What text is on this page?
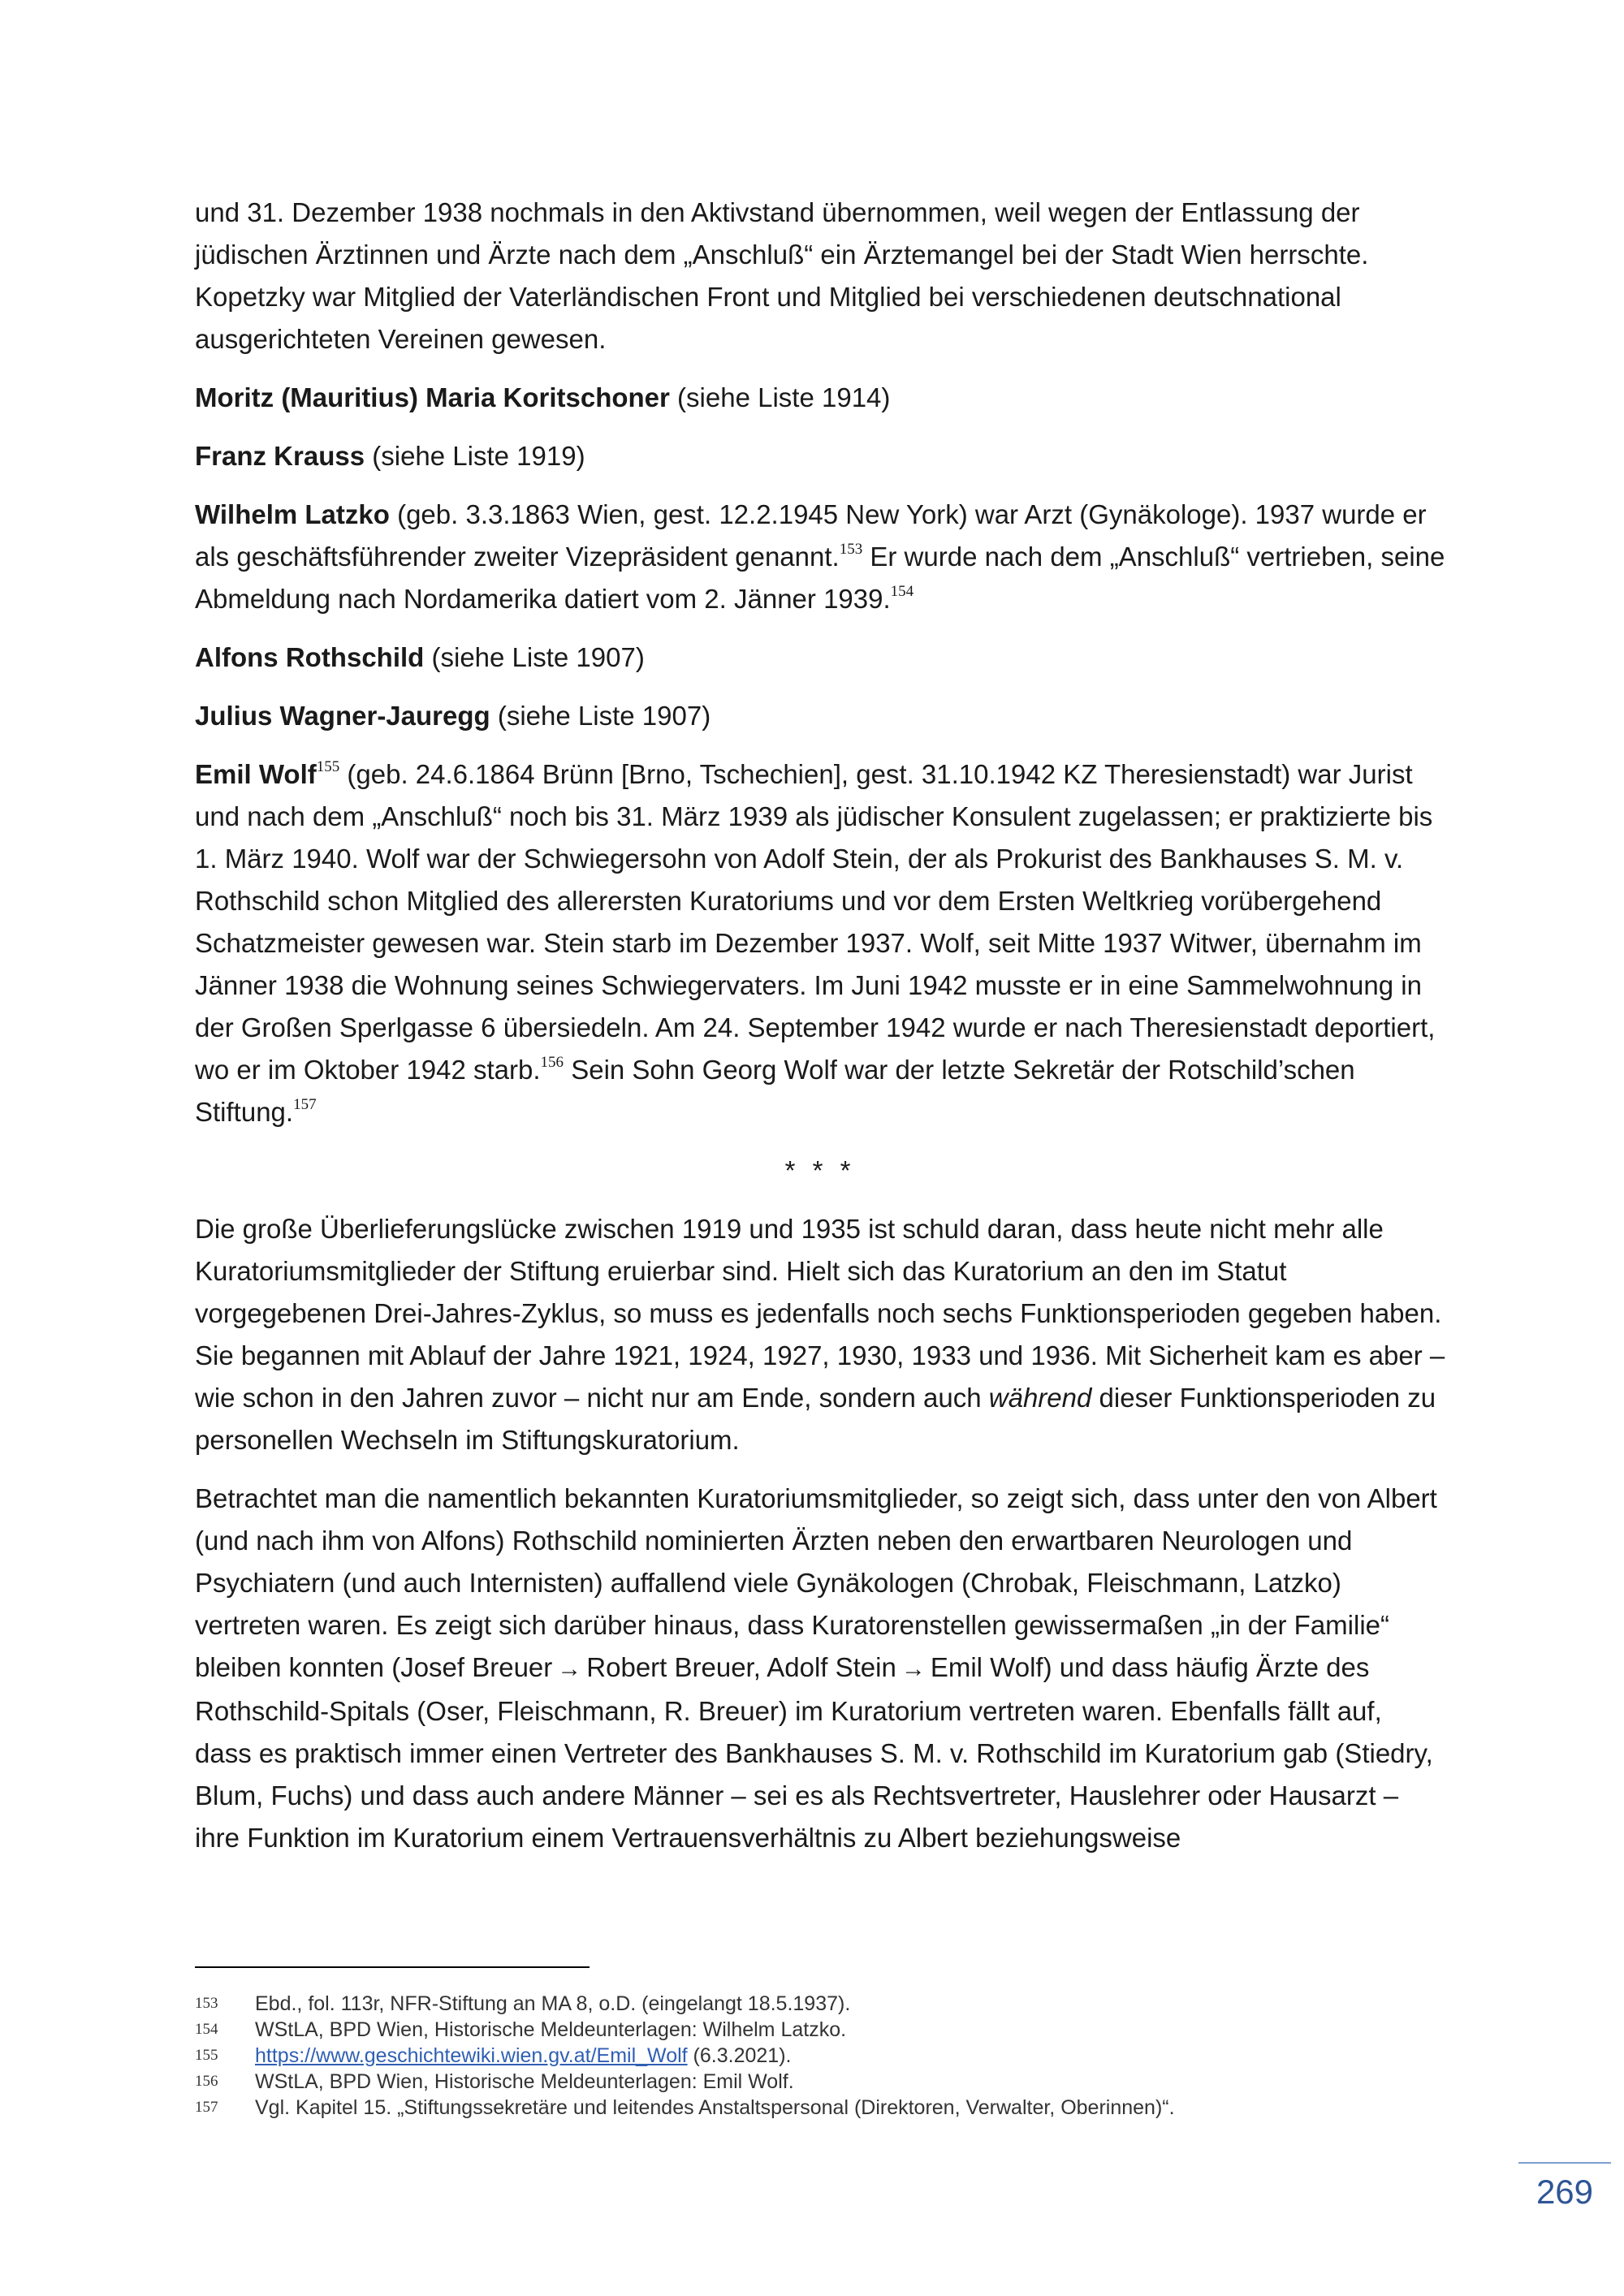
und 31. Dezember 1938 nochmals in den Aktivstand übernommen, weil wegen der Entlassung der jüdischen Ärztinnen und Ärzte nach dem „Anschluß“ ein Ärztemangel bei der Stadt Wien herrschte. Kopetzky war Mitglied der Vaterländischen Front und Mitglied bei verschiedenen deutschnational ausgerichteten Vereinen gewesen.

Moritz (Mauritius) Maria Koritschoner (siehe Liste 1914)

Franz Krauss (siehe Liste 1919)

Wilhelm Latzko (geb. 3.3.1863 Wien, gest. 12.2.1945 New York) war Arzt (Gynäkologe). 1937 wurde er als geschäftsführender zweiter Vizepräsident genannt.$^{153}$ Er wurde nach dem „Anschluß“ vertrieben, seine Abmeldung nach Nordamerika datiert vom 2. Jänner 1939.$^{154}$

Alfons Rothschild (siehe Liste 1907)

Julius Wagner-Jauregg (siehe Liste 1907)

Emil Wolf$^{155}$ (geb. 24.6.1864 Brünn [Brno, Tschechien], gest. 31.10.1942 KZ Theresienstadt) war Jurist und nach dem „Anschluß“ noch bis 31. März 1939 als jüdischer Konsulent zugelassen; er praktizierte bis 1. März 1940. Wolf war der Schwiegersohn von Adolf Stein, der als Prokurist des Bankhauses S. M. v. Rothschild schon Mitglied des allerersten Kuratoriums und vor dem Ersten Weltkrieg vorübergehend Schatzmeister gewesen war. Stein starb im Dezember 1937. Wolf, seit Mitte 1937 Witwer, übernahm im Jänner 1938 die Wohnung seines Schwiegervaters. Im Juni 1942 musste er in eine Sammelwohnung in der Großen Sperlgasse 6 übersiedeln. Am 24. September 1942 wurde er nach Theresienstadt deportiert, wo er im Oktober 1942 starb.$^{156}$ Sein Sohn Georg Wolf war der letzte Sekretär der Rotschild’schen Stiftung.$^{157}$

* * *

Die große Überlieferungslücke zwischen 1919 und 1935 ist schuld daran, dass heute nicht mehr alle Kuratoriumsmitglieder der Stiftung eruierbar sind. Hielt sich das Kuratorium an den im Statut vorgegebenen Drei-Jahres-Zyklus, so muss es jedenfalls noch sechs Funktionsperioden gegeben haben. Sie begannen mit Ablauf der Jahre 1921, 1924, 1927, 1930, 1933 und 1936. Mit Sicherheit kam es aber – wie schon in den Jahren zuvor – nicht nur am Ende, sondern auch während dieser Funktionsperioden zu personellen Wechseln im Stiftungskuratorium.

Betrachtet man die namentlich bekannten Kuratoriumsmitglieder, so zeigt sich, dass unter den von Albert (und nach ihm von Alfons) Rothschild nominierten Ärzten neben den erwartbaren Neurologen und Psychiatern (und auch Internisten) auffallend viele Gynäkologen (Chrobak, Fleischmann, Latzko) vertreten waren. Es zeigt sich darüber hinaus, dass Kuratorenstellen gewissermaßen „in der Familie“ bleiben konnten (Josef Breuer → Robert Breuer, Adolf Stein → Emil Wolf) und dass häufig Ärzte des Rothschild-Spitals (Oser, Fleischmann, R. Breuer) im Kuratorium vertreten waren. Ebenfalls fällt auf, dass es praktisch immer einen Vertreter des Bankhauses S. M. v. Rothschild im Kuratorium gab (Stiedry, Blum, Fuchs) und dass auch andere Männer – sei es als Rechtsvertreter, Hauslehrer oder Hausarzt – ihre Funktion im Kuratorium einem Vertrauensverhältnis zu Albert beziehungsweise

153	Ebd., fol. 113r, NFR-Stiftung an MA 8, o.D. (eingelangt 18.5.1937).
154	WStLA, BPD Wien, Historische Meldeunterlagen: Wilhelm Latzko.
155	https://www.geschichtewiki.wien.gv.at/Emil_Wolf (6.3.2021).
156	WStLA, BPD Wien, Historische Meldeunterlagen: Emil Wolf.
157	Vgl. Kapitel 15. „Stiftungssekretäre und leitendes Anstaltspersonal (Direktoren, Verwalter, Oberinnen)“.
269
